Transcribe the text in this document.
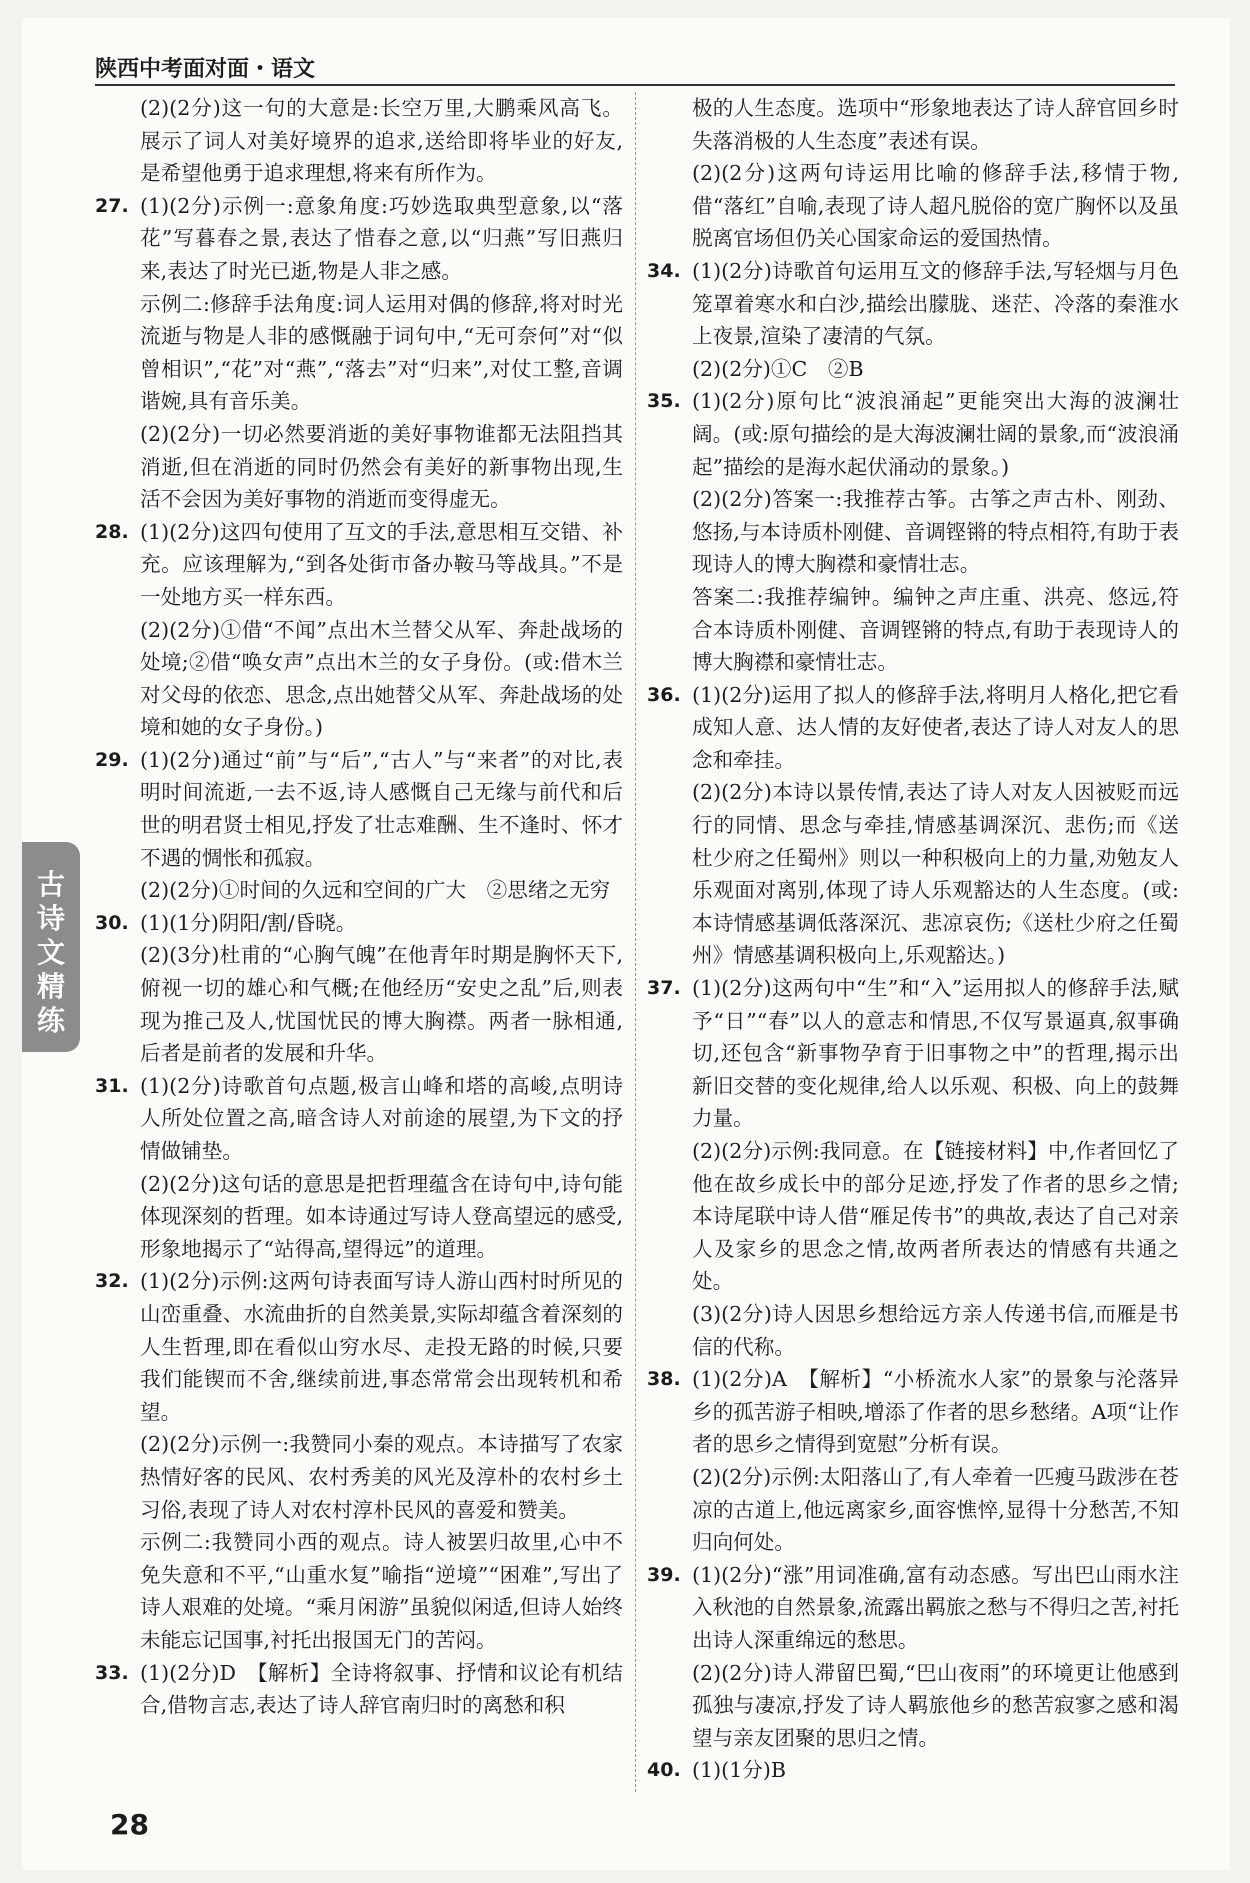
陕西中考面对面・语文

(2)(2分)这一句的大意是:长空万里,大鹏乘风高飞。展示了词人对美好境界的追求,送给即将毕业的好友,是希望他勇于追求理想,将来有所作为。

27. (1)(2分)示例一:意象角度:巧妙选取典型意象,以“落花”写暮春之景,表达了惜春之意,以“归燕”写旧燕归来,表达了时光已逝,物是人非之感。

示例二:修辞手法角度:词人运用对偶的修辞,将对时光流逝与物是人非的感慨融于词句中,“无可奈何”对“似曾相识”,“花”对“燕”,“落去”对“归来”,对仗工整,音调谐婉,具有音乐美。

(2)(2分)一切必然要消逝的美好事物谁都无法阻挡其消逝,但在消逝的同时仍然会有美好的新事物出现,生活不会因为美好事物的消逝而变得虚无。

28. (1)(2分)这四句使用了互文的手法,意思相互交错、补充。应该理解为,“到各处街市备办鞍马等战具。”不是一处地方买一样东西。

(2)(2分)①借“不闻”点出木兰替父从军、奔赴战场的处境;②借“唤女声”点出木兰的女子身份。(或:借木兰对父母的依恋、思念,点出她替父从军、奔赴战场的处境和她的女子身份。)

29. (1)(2分)通过“前”与“后”,“古人”与“来者”的对比,表明时间流逝,一去不返,诗人感慨自己无缘与前代和后世的明君贤士相见,抒发了壮志难酬、生不逢时、怀才不遇的惆怅和孤寂。

(2)(2分)①时间的久远和空间的广大　②思绪之无穷

30. (1)(1分)阴阳/割/昏晓。

(2)(3分)杜甫的“心胸气魄”在他青年时期是胸怀天下,俯视一切的雄心和气概;在他经历“安史之乱”后,则表现为推己及人,忧国忧民的博大胸襟。两者一脉相通,后者是前者的发展和升华。

31. (1)(2分)诗歌首句点题,极言山峰和塔的高峻,点明诗人所处位置之高,暗含诗人对前途的展望,为下文的抒情做铺垫。

(2)(2分)这句话的意思是把哲理蕴含在诗句中,诗句能体现深刻的哲理。如本诗通过写诗人登高望远的感受,形象地揭示了“站得高,望得远”的道理。

32. (1)(2分)示例:这两句诗表面写诗人游山西村时所见的山峦重叠、水流曲折的自然美景,实际却蕴含着深刻的人生哲理,即在看似山穷水尽、走投无路的时候,只要我们能锲而不舍,继续前进,事态常常会出现转机和希望。

(2)(2分)示例一:我赞同小秦的观点。本诗描写了农家热情好客的民风、农村秀美的风光及淳朴的农村乡土习俗,表现了诗人对农村淳朴民风的喜爱和赞美。

示例二:我赞同小西的观点。诗人被罢归故里,心中不免失意和不平,“山重水复”喻指“逆境”“困难”,写出了诗人艰难的处境。“乘月闲游”虽貌似闲适,但诗人始终未能忘记国事,衬托出报国无门的苦闷。

33. (1)(2分)D　【解析】全诗将叙事、抒情和议论有机结合,借物言志,表达了诗人辞官南归时的离愁和积

极的人生态度。选项中“形象地表达了诗人辞官回乡时失落消极的人生态度”表述有误。

(2)(2分)这两句诗运用比喻的修辞手法,移情于物,借“落红”自喻,表现了诗人超凡脱俗的宽广胸怀以及虽脱离官场但仍关心国家命运的爱国热情。

34. (1)(2分)诗歌首句运用互文的修辞手法,写轻烟与月色笼罩着寒水和白沙,描绘出朦胧、迷茫、冷落的秦淮水上夜景,渲染了凄清的气氛。

(2)(2分)①C　②B

35. (1)(2分)原句比“波浪涌起”更能突出大海的波澜壮阔。(或:原句描绘的是大海波澜壮阔的景象,而“波浪涌起”描绘的是海水起伏涌动的景象。)

(2)(2分)答案一:我推荐古筝。古筝之声古朴、刚劲、悠扬,与本诗质朴刚健、音调铿锵的特点相符,有助于表现诗人的博大胸襟和豪情壮志。

答案二:我推荐编钟。编钟之声庄重、洪亮、悠远,符合本诗质朴刚健、音调铿锵的特点,有助于表现诗人的博大胸襟和豪情壮志。

36. (1)(2分)运用了拟人的修辞手法,将明月人格化,把它看成知人意、达人情的友好使者,表达了诗人对友人的思念和牵挂。

(2)(2分)本诗以景传情,表达了诗人对友人因被贬而远行的同情、思念与牵挂,情感基调深沉、悲伤;而《送杜少府之任蜀州》则以一种积极向上的力量,劝勉友人乐观面对离别,体现了诗人乐观豁达的人生态度。(或:本诗情感基调低落深沉、悲凉哀伤;《送杜少府之任蜀州》情感基调积极向上,乐观豁达。)

37. (1)(2分)这两句中“生”和“入”运用拟人的修辞手法,赋予“日”“春”以人的意志和情思,不仅写景逼真,叙事确切,还包含“新事物孕育于旧事物之中”的哲理,揭示出新旧交替的变化规律,给人以乐观、积极、向上的鼓舞力量。

(2)(2分)示例:我同意。在【链接材料】中,作者回忆了他在故乡成长中的部分足迹,抒发了作者的思乡之情;本诗尾联中诗人借“雁足传书”的典故,表达了自己对亲人及家乡的思念之情,故两者所表达的情感有共通之处。

(3)(2分)诗人因思乡想给远方亲人传递书信,而雁是书信的代称。

38. (1)(2分)A　【解析】“小桥流水人家”的景象与沦落异乡的孤苦游子相映,增添了作者的思乡愁绪。A项“让作者的思乡之情得到宽慰”分析有误。

(2)(2分)示例:太阳落山了,有人牵着一匹瘦马跋涉在苍凉的古道上,他远离家乡,面容憔悴,显得十分愁苦,不知归向何处。

39. (1)(2分)“涨”用词准确,富有动态感。写出巴山雨水注入秋池的自然景象,流露出羁旅之愁与不得归之苦,衬托出诗人深重绵远的愁思。

(2)(2分)诗人滞留巴蜀,“巴山夜雨”的环境更让他感到孤独与凄凉,抒发了诗人羁旅他乡的愁苦寂寥之感和渴望与亲友团聚的思归之情。

40. (1)(1分)B

古
诗
文
精
练
28
